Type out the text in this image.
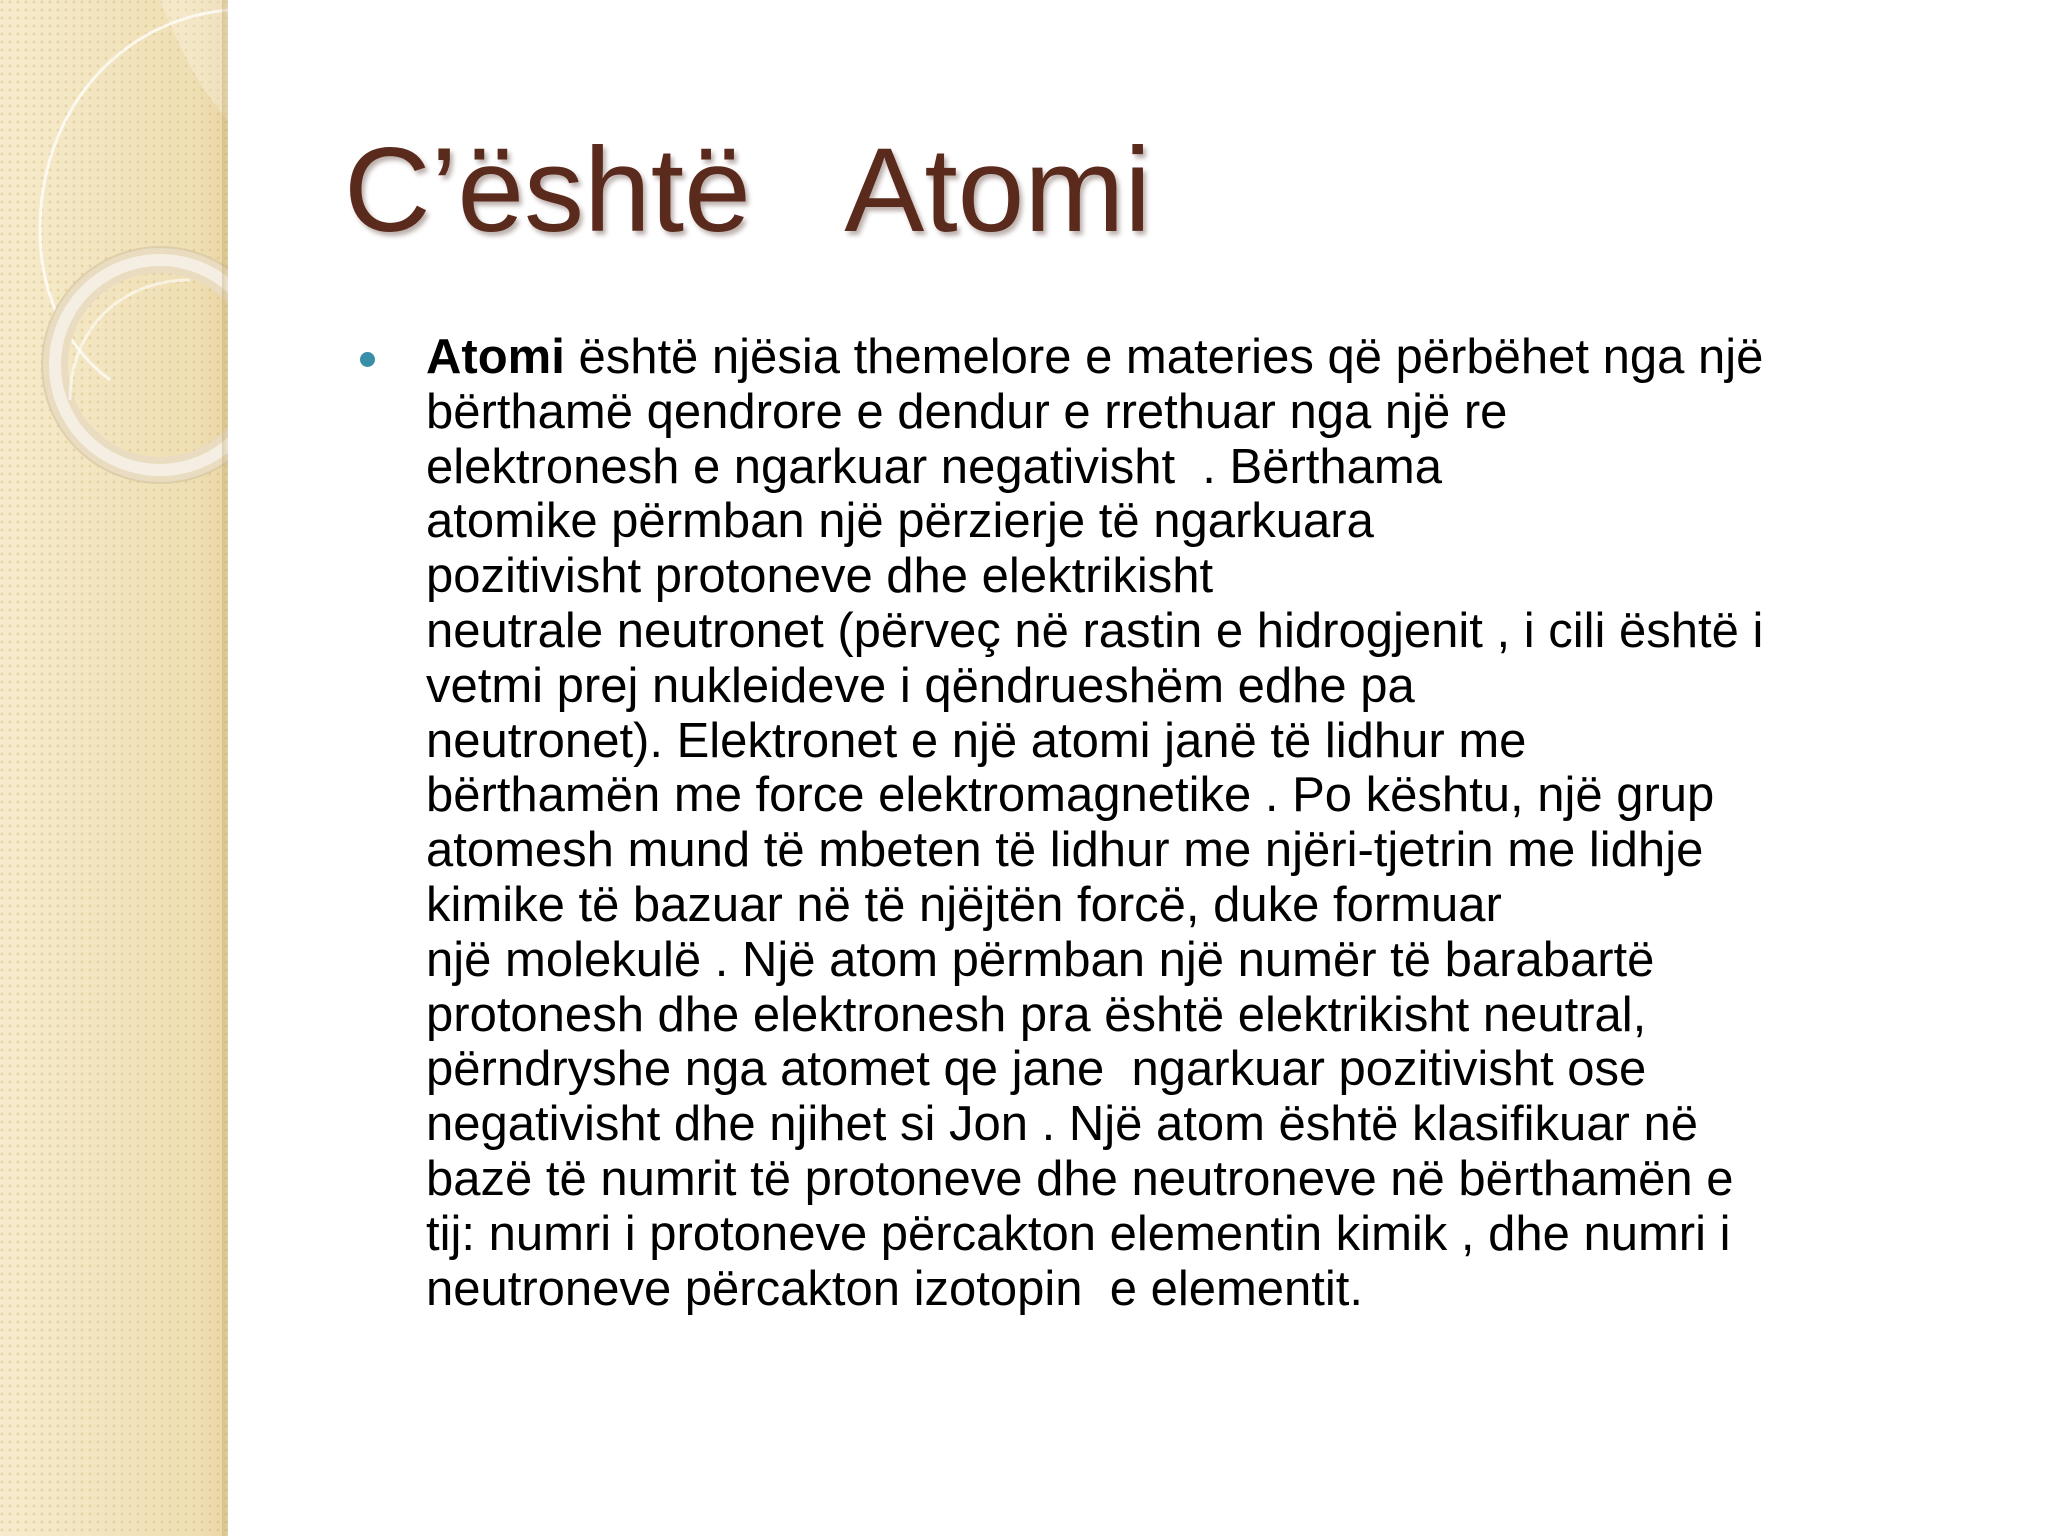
C’është   Atomi

Atomi është njësia themelore e materies që përbëhet nga një
bërthamë qendrore e dendur e rrethuar nga një re
elektronesh e ngarkuar negativisht  . Bërthama
atomike përmban një përzierje të ngarkuara
pozitivisht protoneve dhe elektrikisht
neutrale neutronet (përveç në rastin e hidrogjenit , i cili është i
vetmi prej nukleideve i qëndrueshëm edhe pa
neutronet). Elektronet e një atomi janë të lidhur me
bërthamën me force elektromagnetike . Po kështu, një grup
atomesh mund të mbeten të lidhur me njëri-tjetrin me lidhje
kimike të bazuar në të njëjtën forcë, duke formuar
një molekulë . Një atom përmban një numër të barabartë
protonesh dhe elektronesh pra është elektrikisht neutral,
përndryshe nga atomet qe jane  ngarkuar pozitivisht ose
negativisht dhe njihet si Jon . Një atom është klasifikuar në
bazë të numrit të protoneve dhe neutroneve në bërthamën e
tij: numri i protoneve përcakton elementin kimik , dhe numri i
neutroneve përcakton izotopin  e elementit.
